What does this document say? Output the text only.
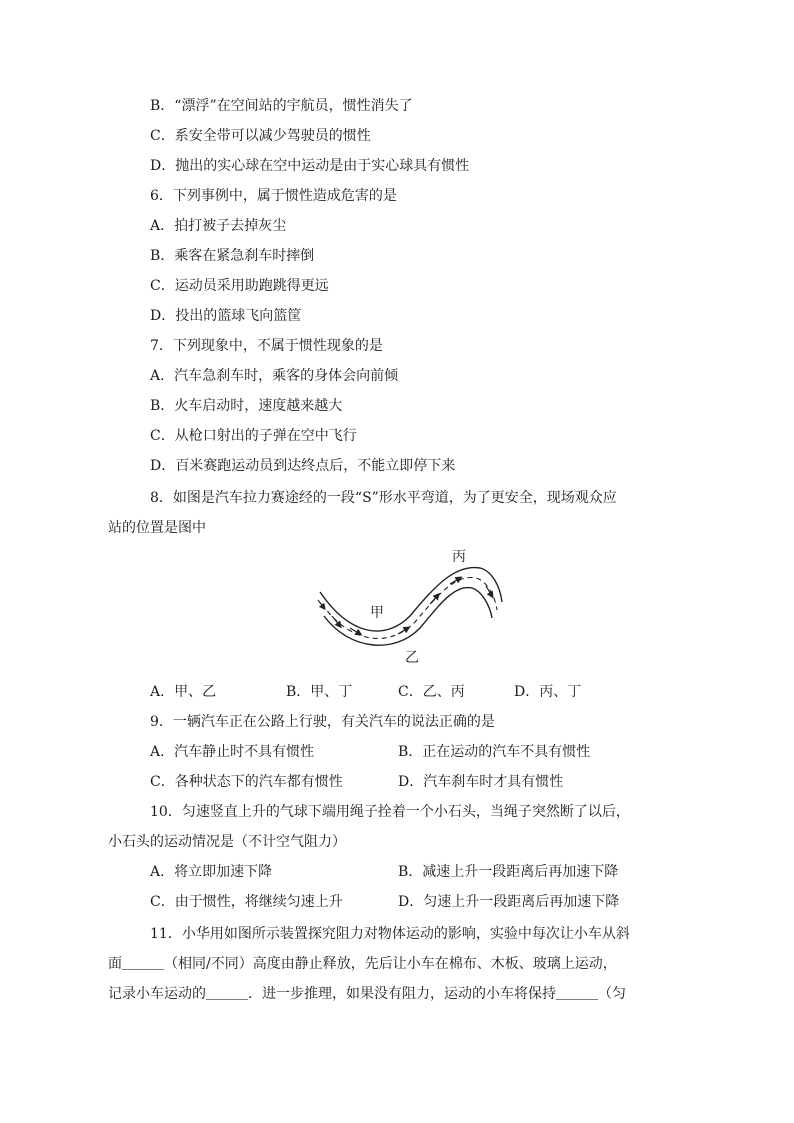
B．“漂浮”在空间站的宇航员，惯性消失了
C．系安全带可以减少驾驶员的惯性
D．抛出的实心球在空中运动是由于实心球具有惯性
6．下列事例中，属于惯性造成危害的是
A．拍打被子去掉灰尘
B．乘客在紧急刹车时摔倒
C．运动员采用助跑跳得更远
D．投出的篮球飞向篮筐
7．下列现象中，不属于惯性现象的是
A．汽车急刹车时，乘客的身体会向前倾
B．火车启动时，速度越来越大
C．从枪口射出的子弹在空中飞行
D．百米赛跑运动员到达终点后，不能立即停下来
8．如图是汽车拉力赛途经的一段“S”形水平弯道，为了更安全，现场观众应
站的位置是图中
丙
甲
乙
A．甲、乙	B．甲、丁	C．乙、丙	D．丙、丁
9．一辆汽车正在公路上行驶，有关汽车的说法正确的是
A．汽车静止时不具有惯性	B．正在运动的汽车不具有惯性
C．各种状态下的汽车都有惯性	D．汽车刹车时才具有惯性
10．匀速竖直上升的气球下端用绳子拴着一个小石头，当绳子突然断了以后，
小石头的运动情况是（不计空气阻力）
A．将立即加速下降	B．减速上升一段距离后再加速下降
C．由于惯性，将继续匀速上升	D．匀速上升一段距离后再加速下降
11．小华用如图所示装置探究阻力对物体运动的影响，实验中每次让小车从斜
面＿＿＿（相同/不同）高度由静止释放，先后让小车在棉布、木板、玻璃上运动，
记录小车运动的＿＿＿．进一步推理，如果没有阻力，运动的小车将保持＿＿＿（匀
